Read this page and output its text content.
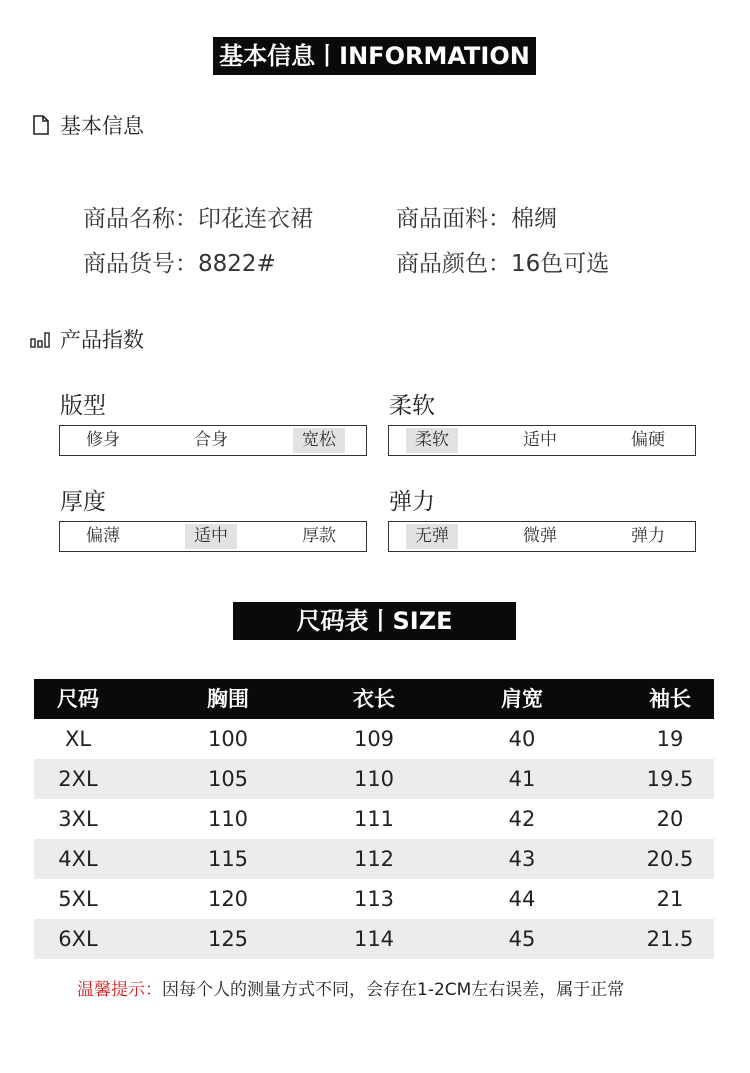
基本信息丨INFORMATION
基本信息
商品名称：印花连衣裙	商品面料：棉绸
商品货号：8822#	商品颜色：16色可选
产品指数
版型
修身	合身	宽松
柔软
柔软	适中	偏硬
厚度
偏薄	适中	厚款
弹力
无弹	微弹	弹力
尺码表丨SIZE
尺码	胸围	衣长	肩宽	袖长
XL	100	109	40	19
2XL	105	110	41	19.5
3XL	110	111	42	20
4XL	115	112	43	20.5
5XL	120	113	44	21
6XL	125	114	45	21.5
温馨提示：因每个人的测量方式不同，会存在1-2CM左右误差，属于正常
